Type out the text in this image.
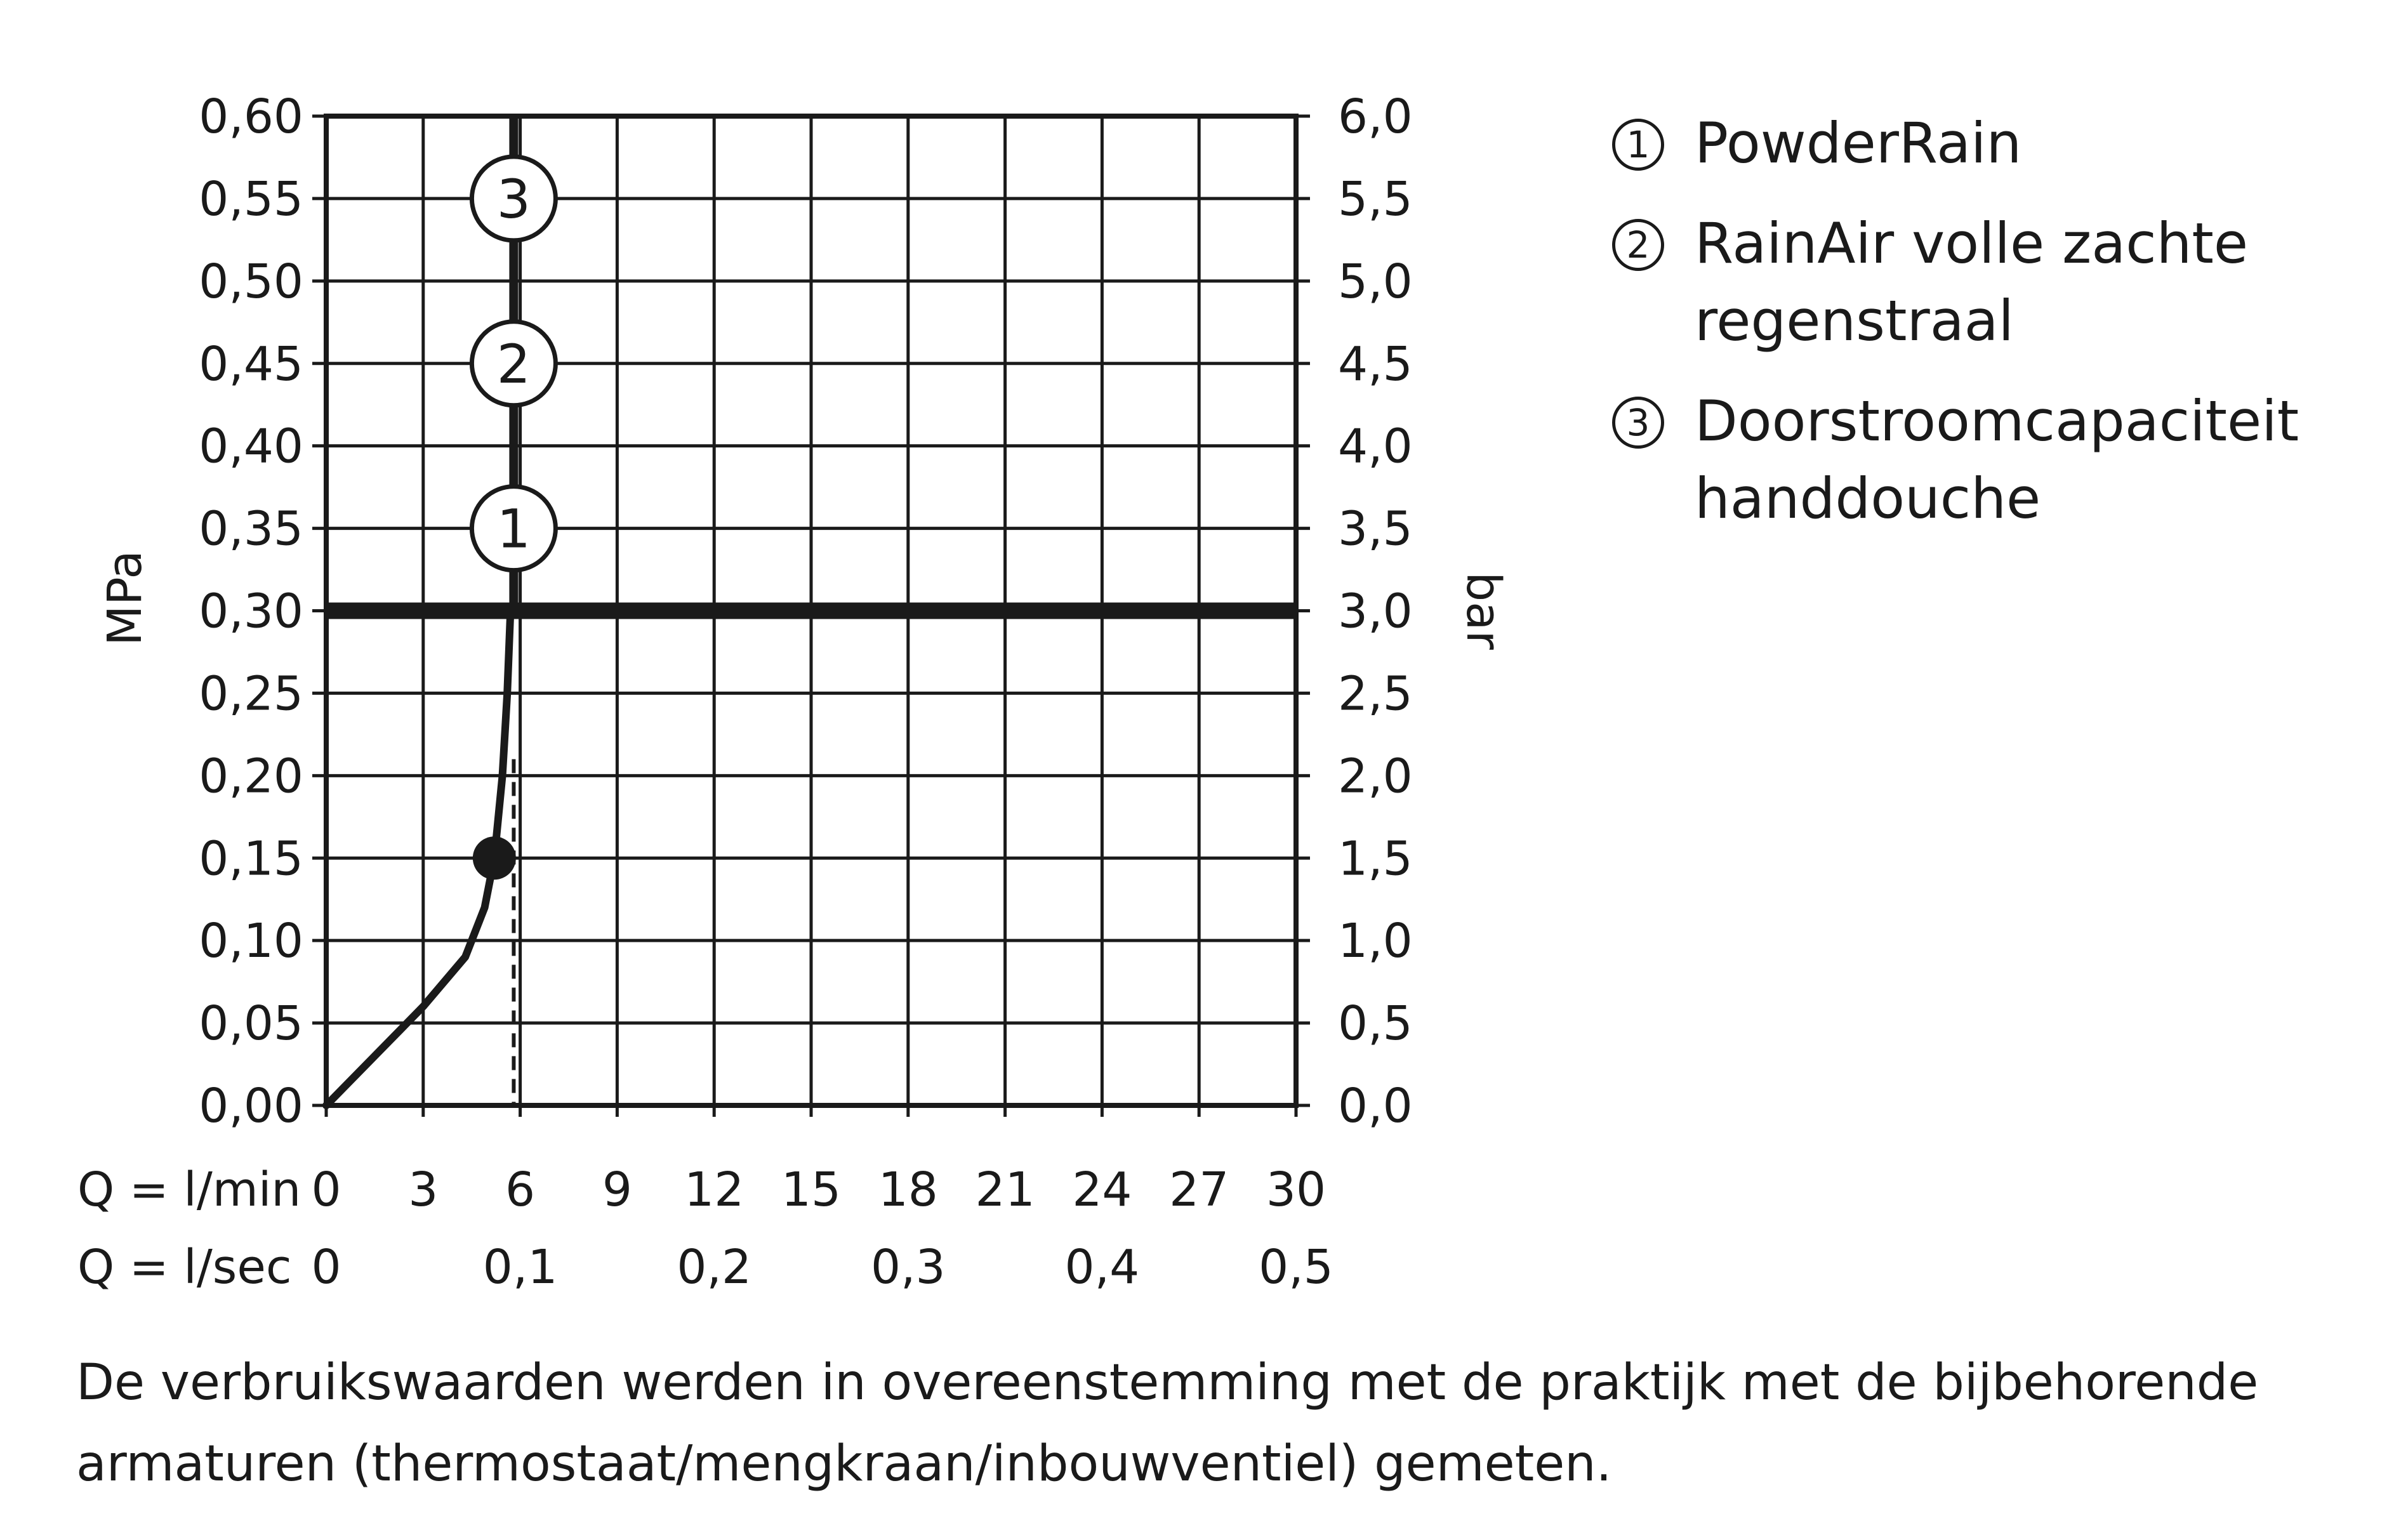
0 3 6 9 12 15 18 21 24 27 30
0,00	0,0
0,05	0,5
0,10	1,0
0,15	1,5
0,20	2,0
0,25	2,5
0,30	3,0
0,35	3,5
0,40	4,0
0,45	4,5
0,50	5,0
0,55	5,5
0,60	6,0
0	0,1	0,2	0,3	0,4	0,5
Q = l/min
Q = l/sec
MPa	bar
1
2
3
1 PowderRain
2 RainAir volle zachte regenstraal
3 Doorstroomcapaciteit handdouche
De verbruikswaarden werden in overeenstemming met de praktijk met de bijbehorende armaturen (thermostaat/mengkraan/inbouwventiel) gemeten.
